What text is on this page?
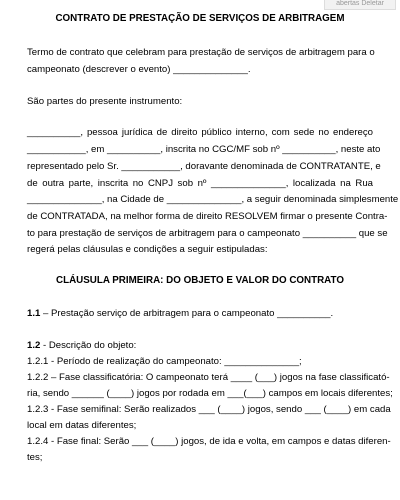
abertas Deletar
CONTRATO DE PRESTAÇÃO DE SERVIÇOS DE ARBITRAGEM
Termo de contrato que celebram para prestação de serviços de arbitragem para o
campeonato (descrever o evento) ______________.
São partes do presente instrumento:
__________, pessoa jurídica de direito público interno, com sede no endereço
___________, em __________, inscrita no CGC/MF sob nº __________, neste ato
representado pelo Sr. ___________, doravante denominada de CONTRATANTE, e
de outra parte, inscrita no CNPJ sob nº ______________, localizada na Rua
______________, na Cidade de ______________, a seguir denominada simplesmente
de CONTRATADA, na melhor forma de direito RESOLVEM firmar o presente Contra-
to para prestação de serviços de arbitragem para o campeonato __________ que se
regerá pelas cláusulas e condições a seguir estipuladas:
CLÁUSULA PRIMEIRA: DO OBJETO E VALOR DO CONTRATO
1.1 – Prestação serviço de arbitragem para o campeonato __________.
1.2 - Descrição do objeto:
1.2.1 - Período de realização do campeonato: ______________;
1.2.2 – Fase classificatória: O campeonato terá ____ (___) jogos na fase classificató-
ria, sendo ______ (____) jogos por rodada em ___(___) campos em locais diferentes;
1.2.3 - Fase semifinal: Serão realizados ___ (____) jogos, sendo ___ (____) em cada
local em datas diferentes;
1.2.4 - Fase final: Serão ___ (____) jogos, de ida e volta, em campos e datas diferen-
tes;
